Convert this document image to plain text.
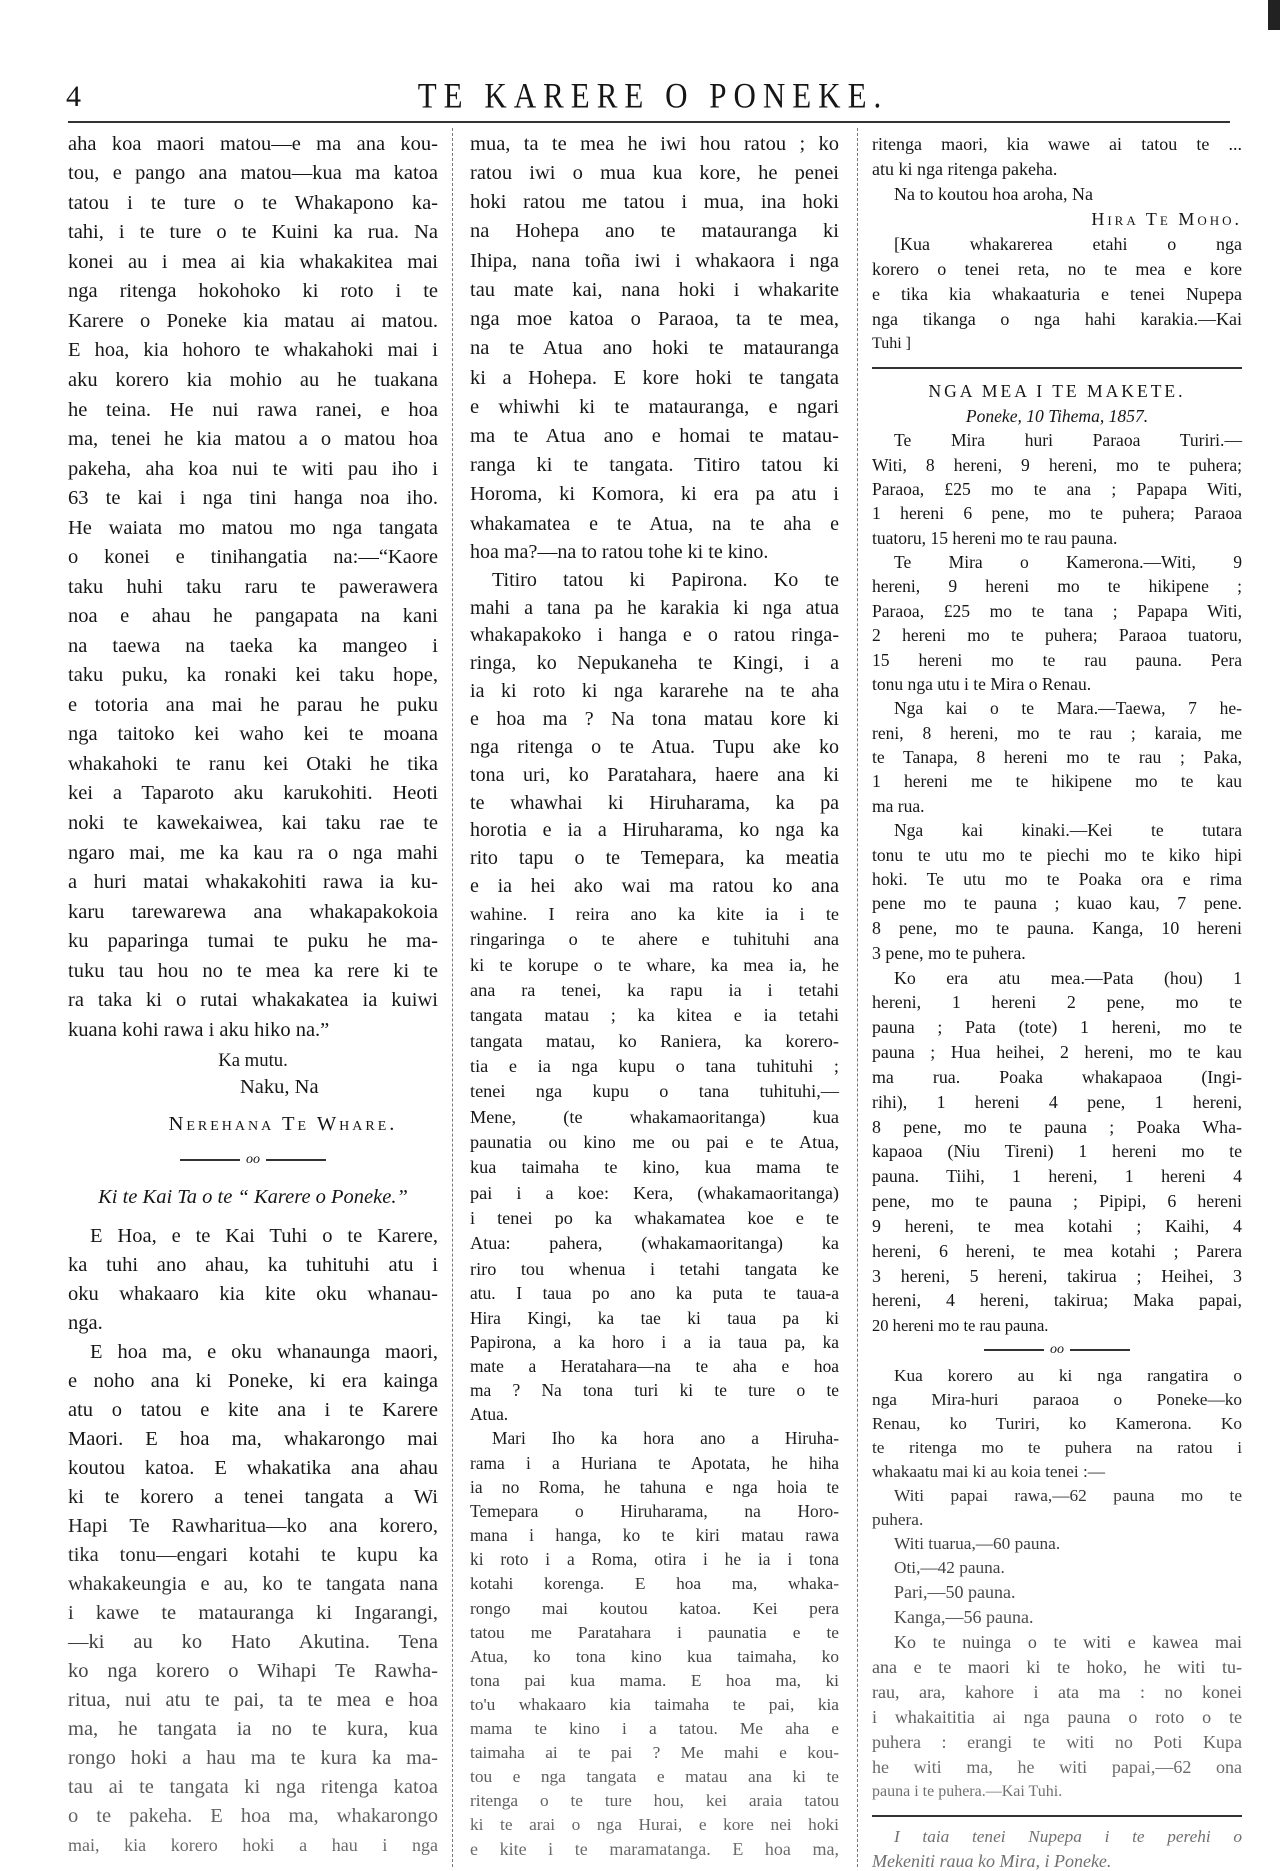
4	TE KARERE O PONEKE.
aha koa maori matou—e ma ana kou-
tou, e pango ana matou—kua ma katoa
tatou i te ture o te Whakapono ka-
tahi, i te ture o te Kuini ka rua. Na
konei au i mea ai kia whakakitea mai
nga ritenga hokohoko ki roto i te
Karere o Poneke kia matau ai matou.
E hoa, kia hohoro te whakahoki mai i
aku korero kia mohio au he tuakana
he teina. He nui rawa ranei, e hoa
ma, tenei he kia matou a o matou hoa
pakeha, aha koa nui te witi pau iho i
63 te kai i nga tini hanga noa iho.
He waiata mo matou mo nga tangata
o konei e tinihangatia na:—“Kaore
taku huhi taku raru te pawerawera
noa e ahau he pangapata na kani
na taewa na taeka ka mangeo i
taku puku, ka ronaki kei taku hope,
e totoria ana mai he parau he puku
nga taitoko kei waho kei te moana
whakahoki te ranu kei Otaki he tika
kei a Taparoto aku karukohiti. Heoti
noki te kawekaiwea, kai taku rae te
ngaro mai, me ka kau ra o nga mahi
a huri matai whakakohiti rawa ia ku-
karu tarewarewa ana whakapakokoia
ku paparinga tumai te puku he ma-
tuku tau hou no te mea ka rere ki te
ra taka ki o rutai whakakatea ia kuiwi
kuana kohi rawa i aku hiko na.”
Ka mutu.
Naku, Na
Nerehana Te Whare.
oo
Ki te Kai Ta o te “ Karere o Poneke.”
E Hoa, e te Kai Tuhi o te Karere,
ka tuhi ano ahau, ka tuhituhi atu i
oku whakaaro kia kite oku whanau-
nga.
E hoa ma, e oku whanaunga maori,
e noho ana ki Poneke, ki era kainga
atu o tatou e kite ana i te Karere
Maori. E hoa ma, whakarongo mai
koutou katoa. E whakatika ana ahau
ki te korero a tenei tangata a Wi
Hapi Te Rawharitua—ko ana korero,
tika tonu—engari kotahi te kupu ka
whakakeungia e au, ko te tangata nana
i kawe te matauranga ki Ingarangi,
—ki au ko Hato Akutina. Tena
ko nga korero o Wihapi Te Rawha-
ritua, nui atu te pai, ta te mea e hoa
ma, he tangata ia no te kura, kua
rongo hoki a hau ma te kura ka ma-
tau ai te tangata ki nga ritenga katoa
o te pakeha. E hoa ma, whakarongo
mai, kia korero hoki a hau i nga
mua, ta te mea he iwi hou ratou ; ko
ratou iwi o mua kua kore, he penei
hoki ratou me tatou i mua, ina hoki
na Hohepa ano te matauranga ki
Ihipa, nana toña iwi i whakaora i nga
tau mate kai, nana hoki i whakarite
nga moe katoa o Paraoa, ta te mea,
na te Atua ano hoki te matauranga
ki a Hohepa. E kore hoki te tangata
e whiwhi ki te matauranga, e ngari
ma te Atua ano e homai te matau-
ranga ki te tangata. Titiro tatou ki
Horoma, ki Komora, ki era pa atu i
whakamatea e te Atua, na te aha e
hoa ma?—na to ratou tohe ki te kino.
Titiro tatou ki Papirona. Ko te
mahi a tana pa he karakia ki nga atua
whakapakoko i hanga e o ratou ringa-
ringa, ko Nepukaneha te Kingi, i a
ia ki roto ki nga kararehe na te aha
e hoa ma ? Na tona matau kore ki
nga ritenga o te Atua. Tupu ake ko
tona uri, ko Paratahara, haere ana ki
te whawhai ki Hiruharama, ka pa
horotia e ia a Hiruharama, ko nga ka
rito tapu o te Temepara, ka meatia
e ia hei ako wai ma ratou ko ana
wahine. I reira ano ka kite ia i te
ringaringa o te ahere e tuhituhi ana
ki te korupe o te whare, ka mea ia, he
ana ra tenei, ka rapu ia i tetahi
tangata matau ; ka kitea e ia tetahi
tangata matau, ko Raniera, ka korero-
tia e ia nga kupu o tana tuhituhi ;
tenei nga kupu o tana tuhituhi,—
Mene, (te whakamaoritanga) kua
paunatia ou kino me ou pai e te Atua,
kua taimaha te kino, kua mama te
pai i a koe: Kera, (whakamaoritanga)
i tenei po ka whakamatea koe e te
Atua: pahera, (whakamaoritanga) ka
riro tou whenua i tetahi tangata ke
atu. I taua po ano ka puta te taua-a
Hira Kingi, ka tae ki taua pa ki
Papirona, a ka horo i a ia taua pa, ka
mate a Heratahara—na te aha e hoa
ma ? Na tona turi ki te ture o te
Atua.
Mari Iho ka hora ano a Hiruha-
rama i a Huriana te Apotata, he hiha
ia no Roma, he tahuna e nga hoia te
Temepara o Hiruharama, na Horo-
mana i hanga, ko te kiri matau rawa
ki roto i a Roma, otira i he ia i tona
kotahi korenga. E hoa ma, whaka-
rongo mai koutou katoa. Kei pera
tatou me Paratahara i paunatia e te
Atua, ko tona kino kua taimaha, ko
tona pai kua mama. E hoa ma, ki
to'u whakaaro kia taimaha te pai, kia
mama te kino i a tatou. Me aha e
taimaha ai te pai ? Me mahi e kou-
tou e nga tangata e matau ana ki te
ritenga o te ture hou, kei araia tatou
ki te arai o nga Hurai, e kore nei hoki
e kite i te maramatanga. E hoa ma,
ritenga maori, kia wawe ai tatou te ...
atu ki nga ritenga pakeha.
Na to koutou hoa aroha, Na
Hira Te Moho.
[Kua whakarerea etahi o nga
korero o tenei reta, no te mea e kore
e tika kia whakaaturia e tenei Nupepa
nga tikanga o nga hahi karakia.—Kai
Tuhi ]
NGA MEA I TE MAKETE.
Poneke, 10 Tihema, 1857.
Te Mira huri Paraoa Turiri.—
Witi, 8 hereni, 9 hereni, mo te puhera;
Paraoa, £25 mo te ana ; Papapa Witi,
1 hereni 6 pene, mo te puhera; Paraoa
tuatoru, 15 hereni mo te rau pauna.
Te Mira o Kamerona.—Witi, 9
hereni, 9 hereni mo te hikipene ;
Paraoa, £25 mo te tana ; Papapa Witi,
2 hereni mo te puhera; Paraoa tuatoru,
15 hereni mo te rau pauna. Pera
tonu nga utu i te Mira o Renau.
Nga kai o te Mara.—Taewa, 7 he-
reni, 8 hereni, mo te rau ; karaia, me
te Tanapa, 8 hereni mo te rau ; Paka,
1 hereni me te hikipene mo te kau
ma rua.
Nga kai kinaki.—Kei te tutara
tonu te utu mo te piechi mo te kiko hipi
hoki. Te utu mo te Poaka ora e rima
pene mo te pauna ; kuao kau, 7 pene.
8 pene, mo te pauna. Kanga, 10 hereni
3 pene, mo te puhera.
Ko era atu mea.—Pata (hou) 1
hereni, 1 hereni 2 pene, mo te
pauna ; Pata (tote) 1 hereni, mo te
pauna ; Hua heihei, 2 hereni, mo te kau
ma rua. Poaka whakapaoa (Ingi-
rihi), 1 hereni 4 pene, 1 hereni,
8 pene, mo te pauna ; Poaka Wha-
kapaoa (Niu Tireni) 1 hereni mo te
pauna. Tiihi, 1 hereni, 1 hereni 4
pene, mo te pauna ; Pipipi, 6 hereni
9 hereni, te mea kotahi ; Kaihi, 4
hereni, 6 hereni, te mea kotahi ; Parera
3 hereni, 5 hereni, takirua ; Heihei, 3
hereni, 4 hereni, takirua; Maka papai,
20 hereni mo te rau pauna.
oo
Kua korero au ki nga rangatira o
nga Mira-huri paraoa o Poneke—ko
Renau, ko Turiri, ko Kamerona. Ko
te ritenga mo te puhera na ratou i
whakaatu mai ki au koia tenei :—
Witi papai rawa,—62 pauna mo te
puhera.
Witi tuarua,—60 pauna.
Oti,—42 pauna.
Pari,—50 pauna.
Kanga,—56 pauna.
Ko te nuinga o te witi e kawea mai
ana e te maori ki te hoko, he witi tu-
rau, ara, kahore i ata ma : no konei
i whakaititia ai nga pauna o roto o te
puhera : erangi te witi no Poti Kupa
he witi ma, he witi papai,—62 ona
pauna i te puhera.—Kai Tuhi.
I taia tenei Nupepa i te perehi o
Mekeniti raua ko Mira, i Poneke.
